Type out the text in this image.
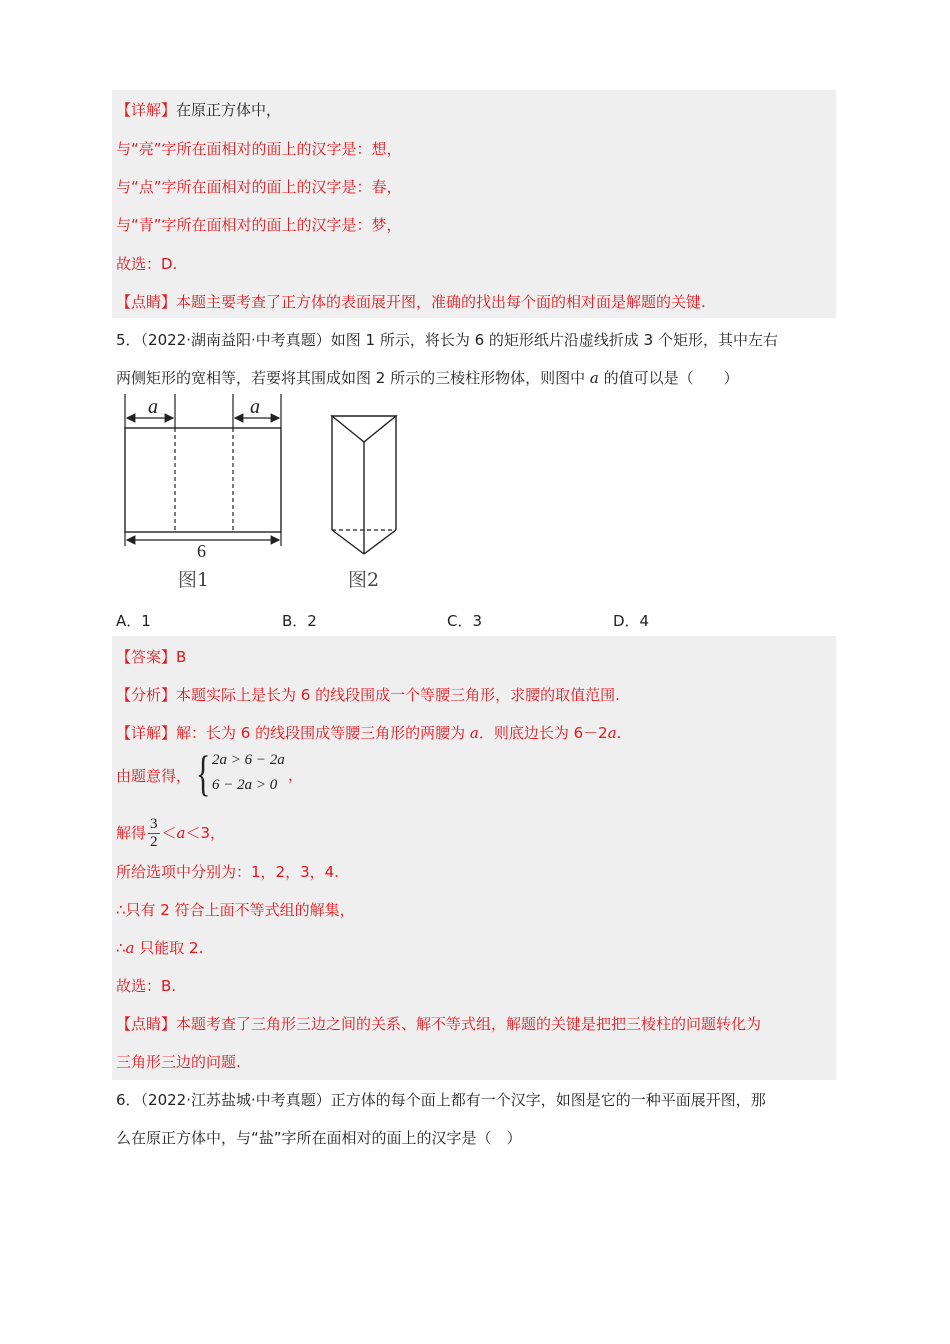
【详解】在原正方体中，
与“亮”字所在面相对的面上的汉字是：想，
与“点”字所在面相对的面上的汉字是：春，
与“青”字所在面相对的面上的汉字是：梦，
故选：D.
【点睛】本题主要考查了正方体的表面展开图，准确的找出每个面的相对面是解题的关键.
5．（2022·湖南益阳·中考真题）如图 1 所示，将长为 6 的矩形纸片沿虚线折成 3 个矩形，其中左右
两侧矩形的宽相等，若要将其围成如图 2 所示的三棱柱形物体，则图中 a 的值可以是（　　）
a	a
6
图1	图2
A．1	B．2	C．3	D．4
【答案】B
【分析】本题实际上是长为 6 的线段围成一个等腰三角形，求腰的取值范围.
【详解】解：长为 6 的线段围成等腰三角形的两腰为 a．则底边长为 6－2a.
由题意得， { 2a > 6 − 2a
6 − 2a > 0
，
解得 $\frac{3}{2} <a<3$，
所给选项中分别为：1，2，3，4.
∴只有 2 符合上面不等式组的解集，
∴a 只能取 2.
故选：B.
【点睛】本题考查了三角形三边之间的关系、解不等式组，解题的关键是把把三棱柱的问题转化为
三角形三边的问题.
6．（2022·江苏盐城·中考真题）正方体的每个面上都有一个汉字，如图是它的一种平面展开图，那
么在原正方体中，与“盐”字所在面相对的面上的汉字是（　）
